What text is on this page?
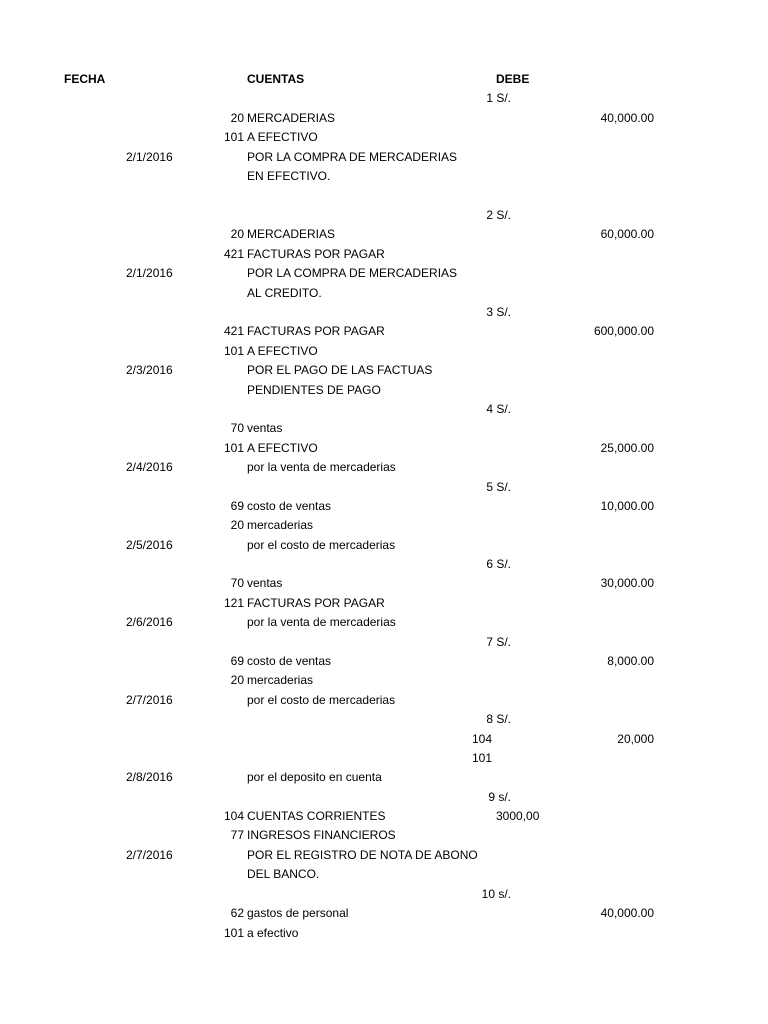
FECHA	CUENTAS	DEBE
1 S/.
20 MERCADERIAS	40,000.00
101 A EFECTIVO
2/1/2016	POR LA COMPRA DE MERCADERIAS
EN EFECTIVO.
2 S/.
20 MERCADERIAS	60,000.00
421 FACTURAS POR PAGAR
2/1/2016	POR LA COMPRA DE MERCADERIAS
AL CREDITO.
3 S/.
421 FACTURAS POR PAGAR	600,000.00
101 A EFECTIVO
2/3/2016	POR EL PAGO DE LAS FACTUAS
PENDIENTES DE PAGO
4 S/.
70 ventas
101 A EFECTIVO	25,000.00
2/4/2016	por la venta de mercaderias
5 S/.
69 costo de ventas	10,000.00
20 mercaderias
2/5/2016	por el costo de mercaderias
6 S/.
70 ventas	30,000.00
121 FACTURAS POR PAGAR
2/6/2016	por la venta de mercaderias
7 S/.
69 costo de ventas	8,000.00
20 mercaderias
2/7/2016	por el costo de mercaderias
8 S/.
104	20,000
101
2/8/2016	por el deposito en cuenta
9 s/.
104 CUENTAS CORRIENTES	3000,00
77 INGRESOS FINANCIEROS
2/7/2016	POR EL REGISTRO DE NOTA DE ABONO
DEL BANCO.
10 s/.
62 gastos de personal	40,000.00
101 a efectivo
